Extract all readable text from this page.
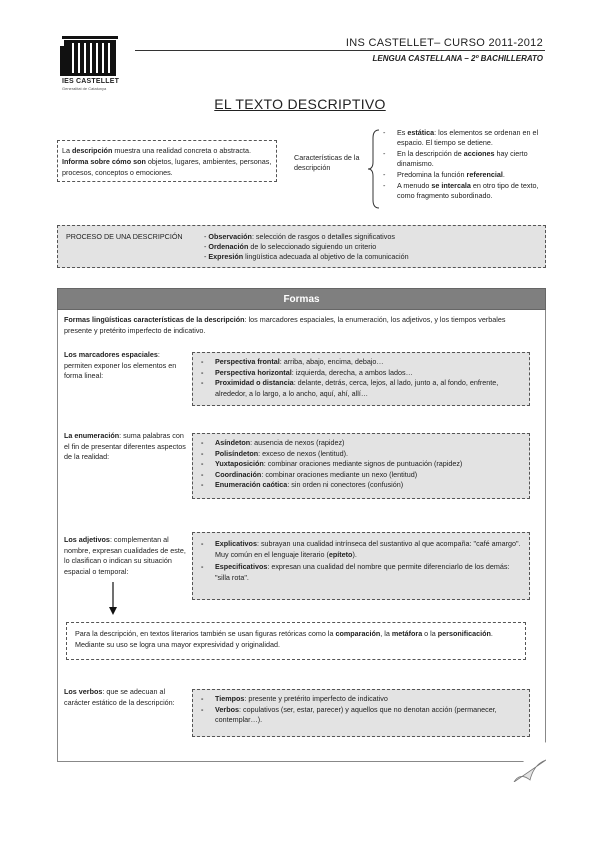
IES CASTELLET
Generalitat de Catalunya
INS CASTELLET– CURSO 2011-2012
LENGUA CASTELLANA – 2º BACHILLERATO
EL TEXTO DESCRIPTIVO
La descripción muestra una realidad concreta o abstracta. Informa sobre cómo son objetos, lugares, ambientes, personas, procesos, conceptos o emociones.
Características de la descripción
- Es estática: los elementos se ordenan en el espacio. El tiempo se detiene.
- En la descripción de acciones hay cierto dinamismo.
- Predomina la función referencial.
- A menudo se intercala en otro tipo de texto, como fragmento subordinado.
PROCESO DE UNA DESCRIPCIÓN	- Observación: selección de rasgos o detalles significativos
- Ordenación de lo seleccionado siguiendo un criterio
- Expresión lingüística adecuada al objetivo de la comunicación
Formas
Formas lingüísticas características de la descripción: los marcadores espaciales, la enumeración, los adjetivos, y los tiempos verbales presente y pretérito imperfecto de indicativo.
Los marcadores espaciales: permiten exponer los elementos en forma lineal:
- Perspectiva frontal: arriba, abajo, encima, debajo…
- Perspectiva horizontal: izquierda, derecha, a ambos lados…
- Proximidad o distancia: delante, detrás, cerca, lejos, al lado, junto a, al fondo, enfrente, alrededor, a lo largo, a lo ancho, aquí, ahí, allí…
La enumeración: suma palabras con el fin de presentar diferentes aspectos de la realidad:
- Asíndeton: ausencia de nexos (rapidez)
- Polisíndeton: exceso de nexos (lentitud).
- Yuxtaposición: combinar oraciones mediante signos de puntuación (rapidez)
- Coordinación: combinar oraciones mediante un nexo (lentitud)
- Enumeración caótica: sin orden ni conectores (confusión)
Los adjetivos: complementan al nombre, expresan cualidades de este, lo clasifican o indican su situación espacial o temporal:
- Explicativos: subrayan una cualidad intrínseca del sustantivo al que acompaña: "café amargo". Muy común en el lenguaje literario (epíteto).
- Especificativos: expresan una cualidad del nombre que permite diferenciarlo de los demás: "silla rota".
Para la descripción, en textos literarios también se usan figuras retóricas como la comparación, la metáfora o la personificación. Mediante su uso se logra una mayor expresividad y originalidad.
Los verbos: que se adecuan al carácter estático de la descripción:
-	Tiempos: presente y pretérito imperfecto de indicativo
- Verbos: copulativos (ser, estar, parecer) y aquellos que no denotan acción (permanecer, contemplar…).
